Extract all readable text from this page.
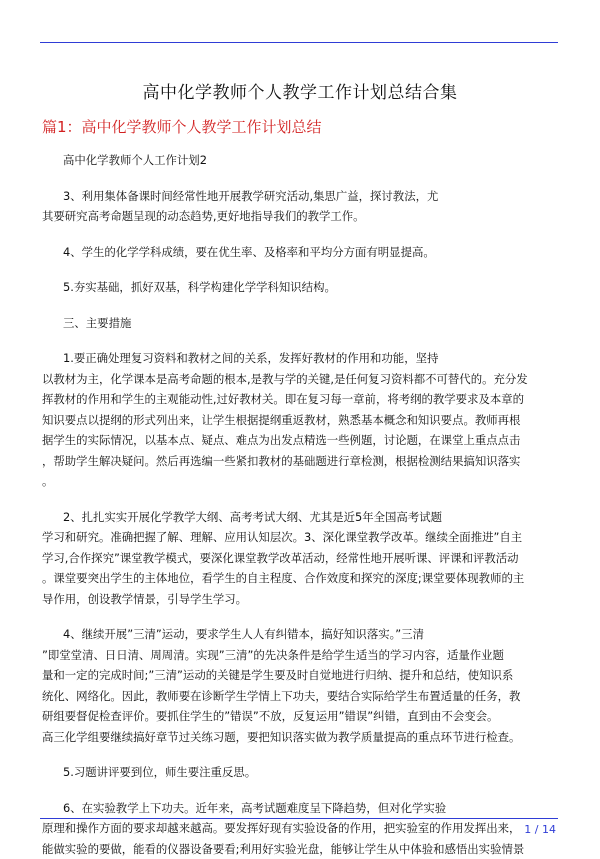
高中化学教师个人教学工作计划总结合集
篇1：高中化学教师个人教学工作计划总结

高中化学教师个人工作计划2

3、利用集体备课时间经常性地开展教学研究活动,集思广益，探讨教法，尤

其要研究高考命题呈现的动态趋势,更好地指导我们的教学工作。

4、学生的化学学科成绩，要在优生率、及格率和平均分方面有明显提高。

5.夯实基础，抓好双基，科学构建化学学科知识结构。

三、主要措施

1.要正确处理复习资料和教材之间的关系，发挥好教材的作用和功能，坚持

以教材为主，化学课本是高考命题的根本,是教与学的关键,是任何复习资料都不可替代的。充分发

挥教材的作用和学生的主观能动性,过好教材关。即在复习每一章前，将考纲的教学要求及本章的

知识要点以提纲的形式列出来，让学生根据提纲重返教材，熟悉基本概念和知识要点。教师再根

据学生的实际情况，以基本点、疑点、难点为出发点精选一些例题，讨论题，在课堂上重点点击

，帮助学生解决疑问。然后再选编一些紧扣教材的基础题进行章检测，根据检测结果搞知识落实

。

2、扎扎实实开展化学教学大纲、高考考试大纲、尤其是近5年全国高考试题

学习和研究。准确把握了解、理解、应用认知层次。3、深化课堂教学改革。继续全面推进”自主

学习,合作探究”课堂教学模式，要深化课堂教学改革活动，经常性地开展听课、评课和评教活动

。课堂要突出学生的主体地位，看学生的自主程度、合作效度和探究的深度;课堂要体现教师的主

导作用，创设教学情景，引导学生学习。

4、继续开展”三清”运动，要求学生人人有纠错本，搞好知识落实。”三清

”即堂堂清、日日清、周周清。实现”三清”的先决条件是给学生适当的学习内容，适量作业题

量和一定的完成时间;”三清”运动的关键是学生要及时自觉地进行归纳、提升和总结，使知识系

统化、网络化。因此，教师要在诊断学生学情上下功夫，要结合实际给学生布置适量的任务，教

研组要督促检查评价。要抓住学生的”错误”不放，反复运用”错误”纠错，直到由不会变会。

高三化学组要继续搞好章节过关练习题，要把知识落实做为教学质量提高的重点环节进行检查。

5.习题讲评要到位，师生要注重反思。

6、在实验教学上下功夫。近年来，高考试题难度呈下降趋势，但对化学实验

原理和操作方面的要求却越来越高。要发挥好现有实验设备的作用，把实验室的作用发挥出来，

能做实验的要做，能看的仪器设备要看;利用好实验光盘，能够让学生从中体验和感悟出实验情景

1 / 14
